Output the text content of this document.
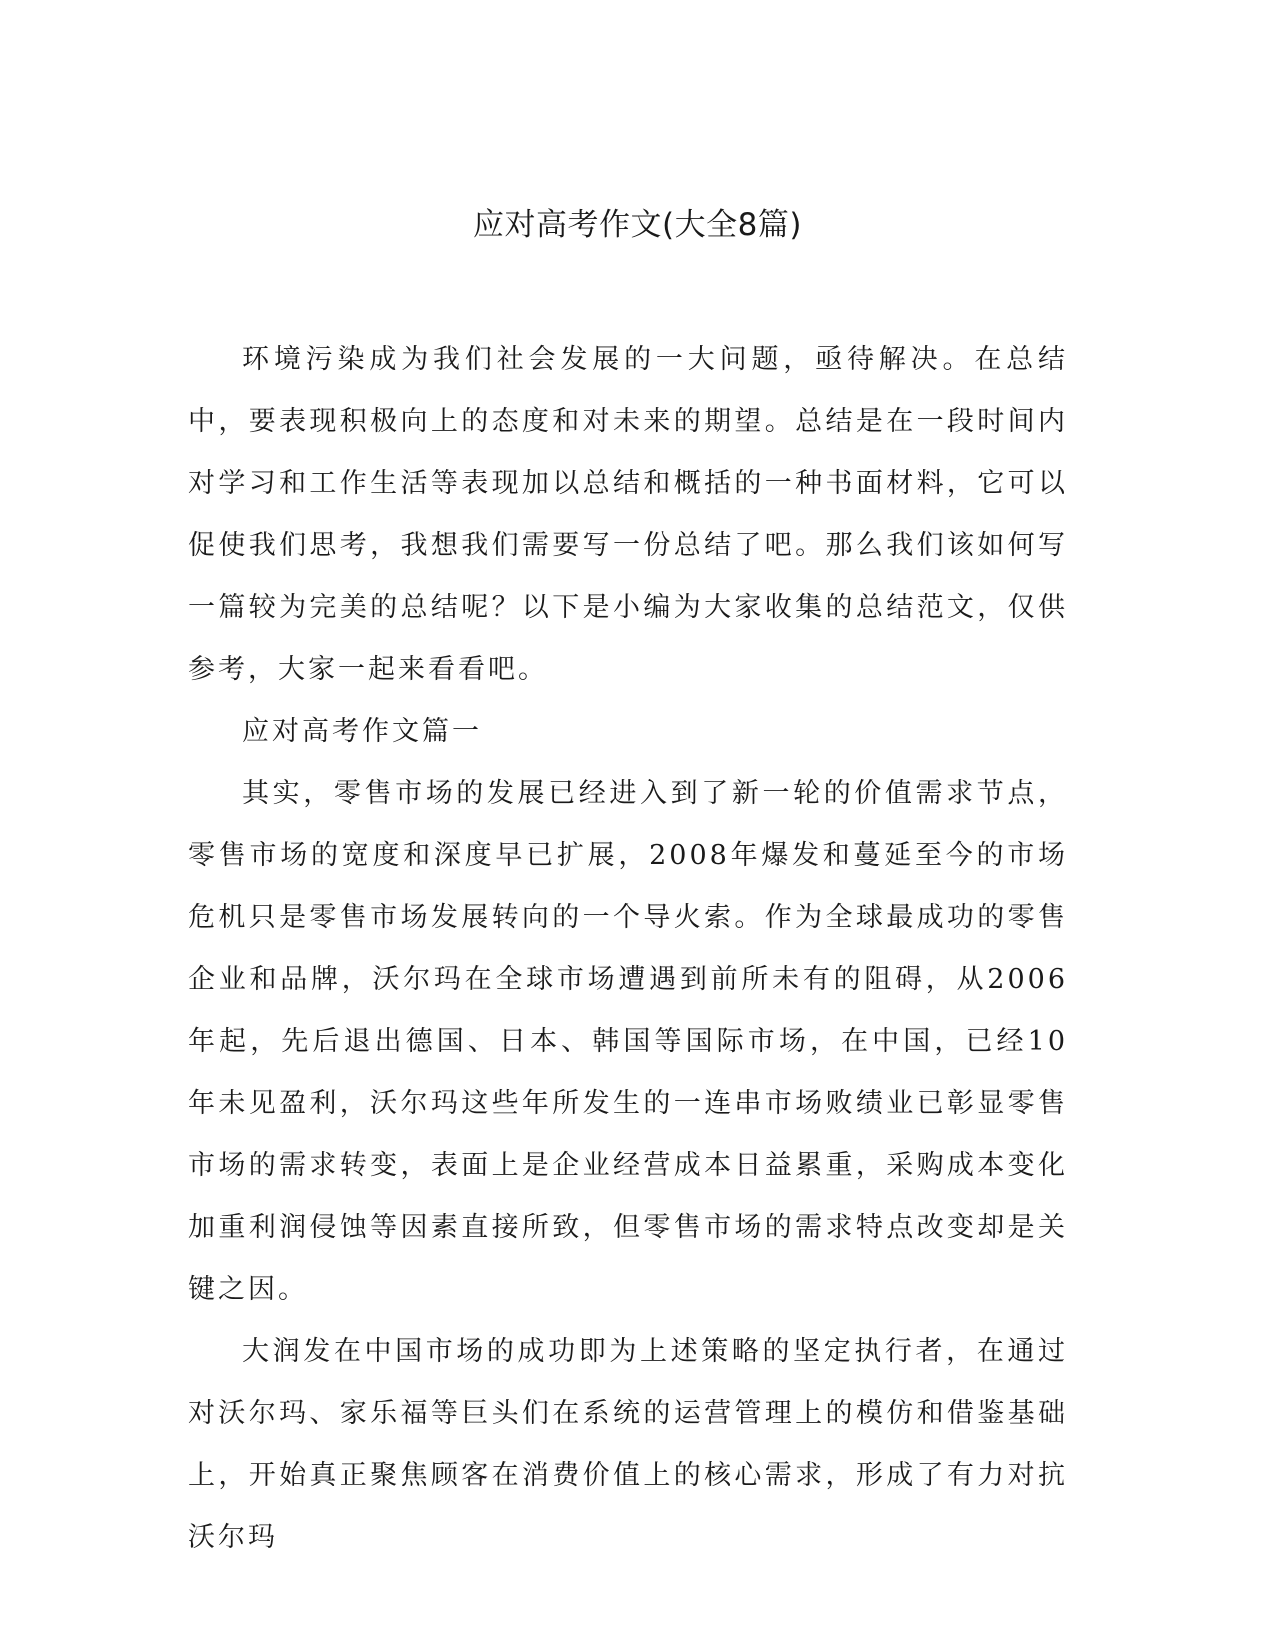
应对高考作文(大全8篇)

环境污染成为我们社会发展的一大问题，亟待解决。在总结中，要表现积极向上的态度和对未来的期望。总结是在一段时间内对学习和工作生活等表现加以总结和概括的一种书面材料，它可以促使我们思考，我想我们需要写一份总结了吧。那么我们该如何写一篇较为完美的总结呢？以下是小编为大家收集的总结范文，仅供参考，大家一起来看看吧。

应对高考作文篇一

其实，零售市场的发展已经进入到了新一轮的价值需求节点，零售市场的宽度和深度早已扩展，2008年爆发和蔓延至今的市场危机只是零售市场发展转向的一个导火索。作为全球最成功的零售企业和品牌，沃尔玛在全球市场遭遇到前所未有的阻碍，从2006年起，先后退出德国、日本、韩国等国际市场，在中国，已经10年未见盈利，沃尔玛这些年所发生的一连串市场败绩业已彰显零售市场的需求转变，表面上是企业经营成本日益累重，采购成本变化加重利润侵蚀等因素直接所致，但零售市场的需求特点改变却是关键之因。

大润发在中国市场的成功即为上述策略的坚定执行者，在通过对沃尔玛、家乐福等巨头们在系统的运营管理上的模仿和借鉴基础上，开始真正聚焦顾客在消费价值上的核心需求，形成了有力对抗沃尔玛
